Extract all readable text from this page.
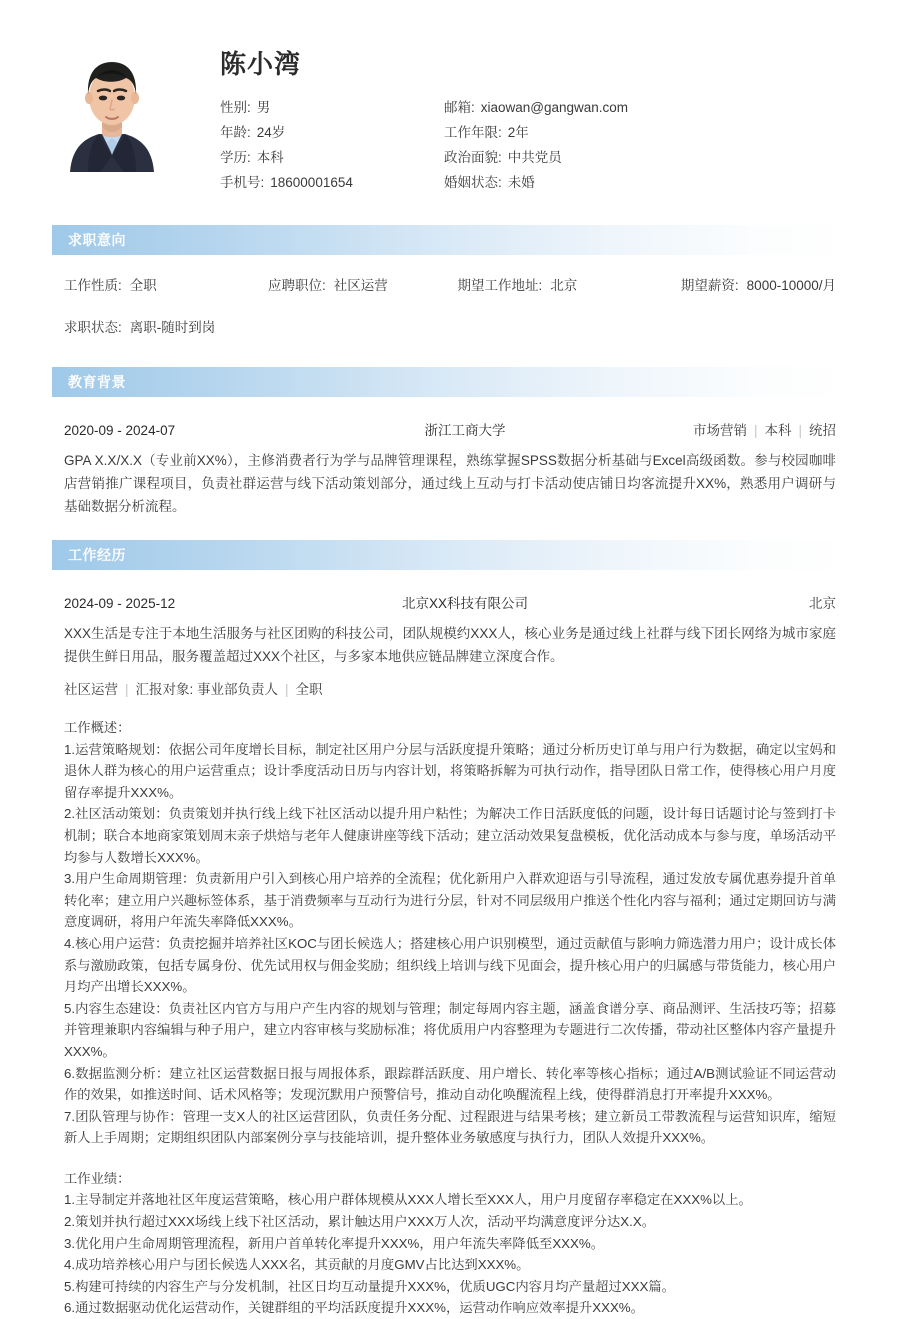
陈小湾
性别: 男
年龄: 24岁
学历: 本科
手机号: 18600001654
邮箱: xiaowan@gangwan.com
工作年限: 2年
政治面貌: 中共党员
婚姻状态: 未婚
求职意向
工作性质: 全职	应聘职位: 社区运营	期望工作地址: 北京	期望薪资: 8000-10000/月
求职状态: 离职-随时到岗
教育背景
2020-09 - 2024-07	浙江工商大学	市场营销 | 本科 | 统招
GPA X.X/X.X（专业前XX%），主修消费者行为学与品牌管理课程，熟练掌握SPSS数据分析基础与Excel高级函数。参与校园咖啡店营销推广课程项目，负责社群运营与线下活动策划部分，通过线上互动与打卡活动使店铺日均客流提升XX%，熟悉用户调研与基础数据分析流程。
工作经历
2024-09 - 2025-12	北京XX科技有限公司	北京
XXX生活是专注于本地生活服务与社区团购的科技公司，团队规模约XXX人，核心业务是通过线上社群与线下团长网络为城市家庭提供生鲜日用品，服务覆盖超过XXX个社区，与多家本地供应链品牌建立深度合作。
社区运营 | 汇报对象: 事业部负责人 | 全职

工作概述：

1.运营策略规划：依据公司年度增长目标，制定社区用户分层与活跃度提升策略；通过分析历史订单与用户行为数据，确定以宝妈和退休人群为核心的用户运营重点；设计季度活动日历与内容计划，将策略拆解为可执行动作，指导团队日常工作，使得核心用户月度留存率提升XXX%。

2.社区活动策划：负责策划并执行线上线下社区活动以提升用户粘性；为解决工作日活跃度低的问题，设计每日话题讨论与签到打卡机制；联合本地商家策划周末亲子烘焙与老年人健康讲座等线下活动；建立活动效果复盘模板，优化活动成本与参与度，单场活动平均参与人数增长XXX%。

3.用户生命周期管理：负责新用户引入到核心用户培养的全流程；优化新用户入群欢迎语与引导流程，通过发放专属优惠券提升首单转化率；建立用户兴趣标签体系，基于消费频率与互动行为进行分层，针对不同层级用户推送个性化内容与福利；通过定期回访与满意度调研，将用户年流失率降低XXX%。

4.核心用户运营：负责挖掘并培养社区KOC与团长候选人；搭建核心用户识别模型，通过贡献值与影响力筛选潜力用户；设计成长体系与激励政策，包括专属身份、优先试用权与佣金奖励；组织线上培训与线下见面会，提升核心用户的归属感与带货能力，核心用户月均产出增长XXX%。

5.内容生态建设：负责社区内官方与用户产生内容的规划与管理；制定每周内容主题，涵盖食谱分享、商品测评、生活技巧等；招募并管理兼职内容编辑与种子用户，建立内容审核与奖励标准；将优质用户内容整理为专题进行二次传播，带动社区整体内容产量提升XXX%。

6.数据监测分析：建立社区运营数据日报与周报体系，跟踪群活跃度、用户增长、转化率等核心指标；通过A/B测试验证不同运营动作的效果，如推送时间、话术风格等；发现沉默用户预警信号，推动自动化唤醒流程上线，使得群消息打开率提升XXX%。

7.团队管理与协作：管理一支X人的社区运营团队，负责任务分配、过程跟进与结果考核；建立新员工带教流程与运营知识库，缩短新人上手周期；定期组织团队内部案例分享与技能培训，提升整体业务敏感度与执行力，团队人效提升XXX%。

工作业绩：

1.主导制定并落地社区年度运营策略，核心用户群体规模从XXX人增长至XXX人，用户月度留存率稳定在XXX%以上。

2.策划并执行超过XXX场线上线下社区活动，累计触达用户XXX万人次，活动平均满意度评分达X.X。

3.优化用户生命周期管理流程，新用户首单转化率提升XXX%，用户年流失率降低至XXX%。

4.成功培养核心用户与团长候选人XXX名，其贡献的月度GMV占比达到XXX%。

5.构建可持续的内容生产与分发机制，社区日均互动量提升XXX%，优质UGC内容月均产量超过XXX篇。

6.通过数据驱动优化运营动作，关键群组的平均活跃度提升XXX%，运营动作响应效率提升XXX%。
